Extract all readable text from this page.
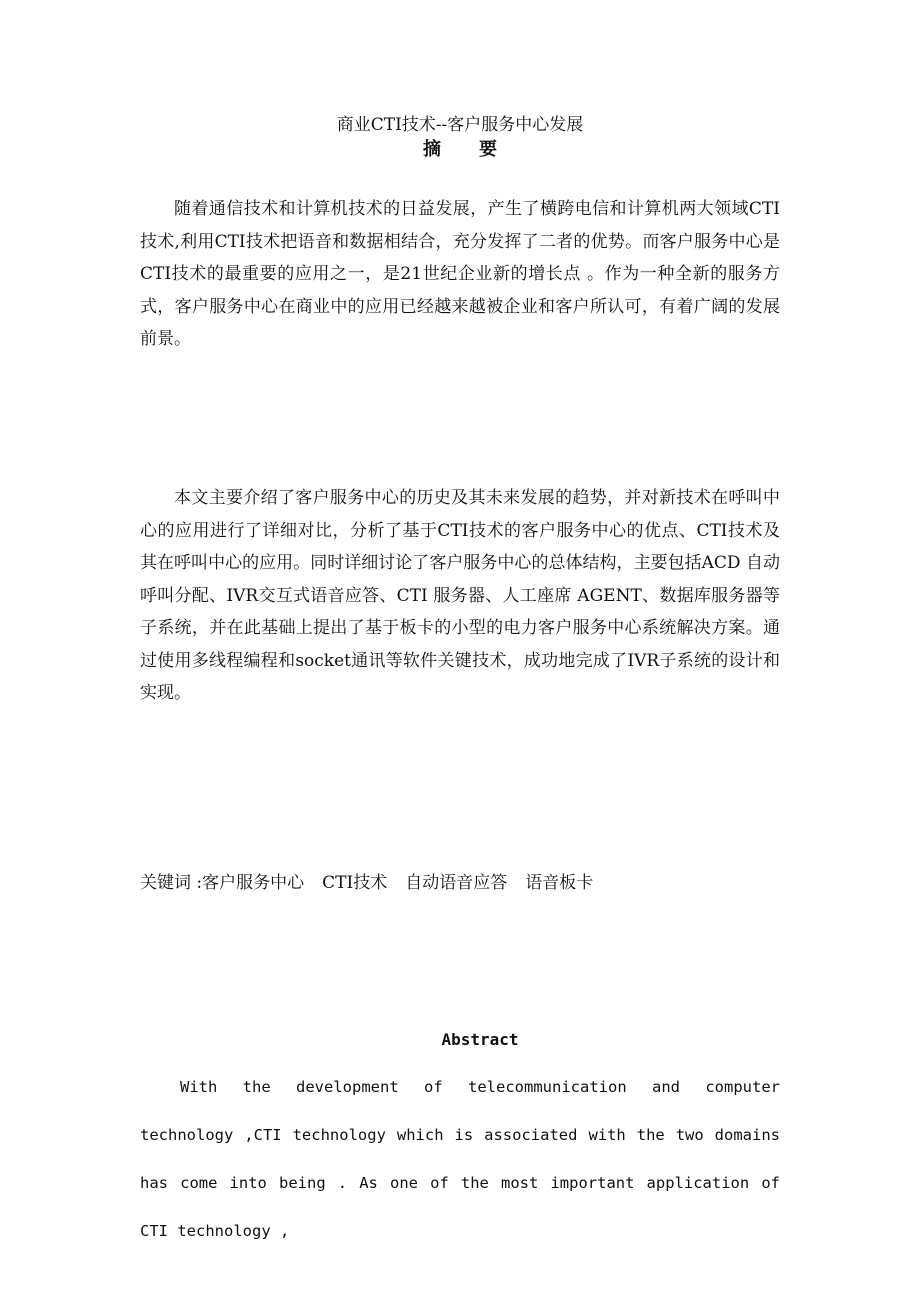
商业CTI技术--客户服务中心发展
摘要

随着通信技术和计算机技术的日益发展，产生了横跨电信和计算机两大领域CTI技术,利用CTI技术把语音和数据相结合，充分发挥了二者的优势。而客户服务中心是CTI技术的最重要的应用之一，是21世纪企业新的增长点 。作为一种全新的服务方式，客户服务中心在商业中的应用已经越来越被企业和客户所认可，有着广阔的发展前景。

本文主要介绍了客户服务中心的历史及其未来发展的趋势，并对新技术在呼叫中心的应用进行了详细对比，分析了基于CTI技术的客户服务中心的优点、CTI技术及其在呼叫中心的应用。同时详细讨论了客户服务中心的总体结构，主要包括ACD 自动呼叫分配、IVR交互式语音应答、CTI 服务器、人工座席 AGENT、数据库服务器等子系统，并在此基础上提出了基于板卡的小型的电力客户服务中心系统解决方案。通过使用多线程编程和socket通讯等软件关键技术，成功地完成了IVR子系统的设计和实现。

关键词 :客户服务中心 CTI技术 自动语音应答 语音板卡
Abstract

With the development of telecommunication and computer technology ,CTI technology which is associated with the two domains has come into being . As one of the most important application of CTI technology ,
